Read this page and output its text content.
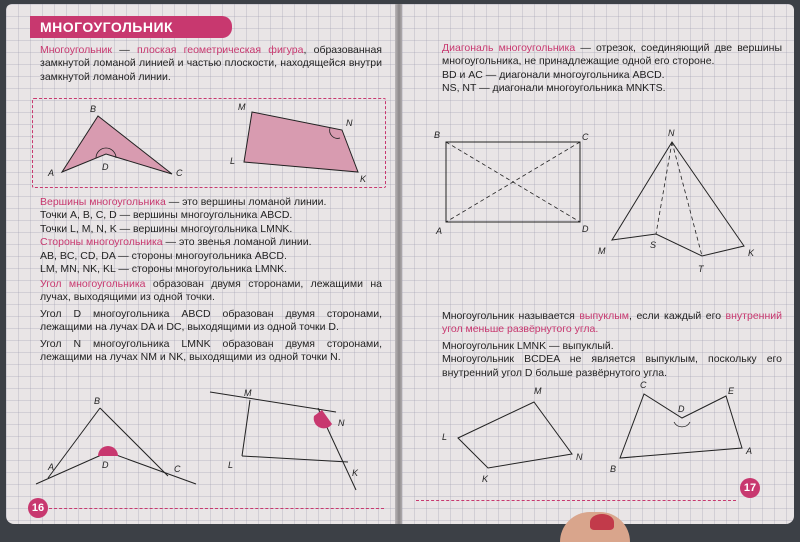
МНОГОУГОЛЬНИК
Многоугольник — плоская геометрическая фигура, образованная замкнутой ломаной линией и частью плоскости, находящейся внутри замкнутой ломаной линии.
A
B
C
D
L
M
N
K

Вершины многоугольника — это вершины ломаной линии.

Точки A, B, C, D — вершины многоугольника ABCD.

Точки L, M, N, K — вершины многоугольника LMNK.

Стороны многоугольника — это звенья ломаной линии.

AB, BC, CD, DA — стороны многоугольника ABCD.

LM, MN, NK, KL — стороны многоугольника LMNK.

Угол многоугольника образован двумя сторонами, лежащими на лучах, выходящими из одной точки.

Угол D многоугольника ABCD образован двумя сторонами, лежащими на лучах DA и DC, выходящими из одной точки D.

Угол N многоугольника LMNK образован двумя сторонами, лежащими на лучах NM и NK, выходящими из одной точки N.

A
B
C
D	L
M
N
K
16

Диагональ многоугольника — отрезок, соединяющий две вершины многоугольника, не принадлежащие одной его стороне.

BD и AC — диагонали многоугольника ABCD.

NS, NT — диагонали многоугольника MNKTS.

B	C
A	D
N
M
S
T
K

Многоугольник называется выпуклым, если каждый его внутренний угол меньше развёрнутого угла.

Многоугольник LMNK — выпуклый.

Многоугольник BCDEA не является выпуклым, поскольку его внутренний угол D больше развёрнутого угла.

L
M
N
K
B
C
D
E
A
17
